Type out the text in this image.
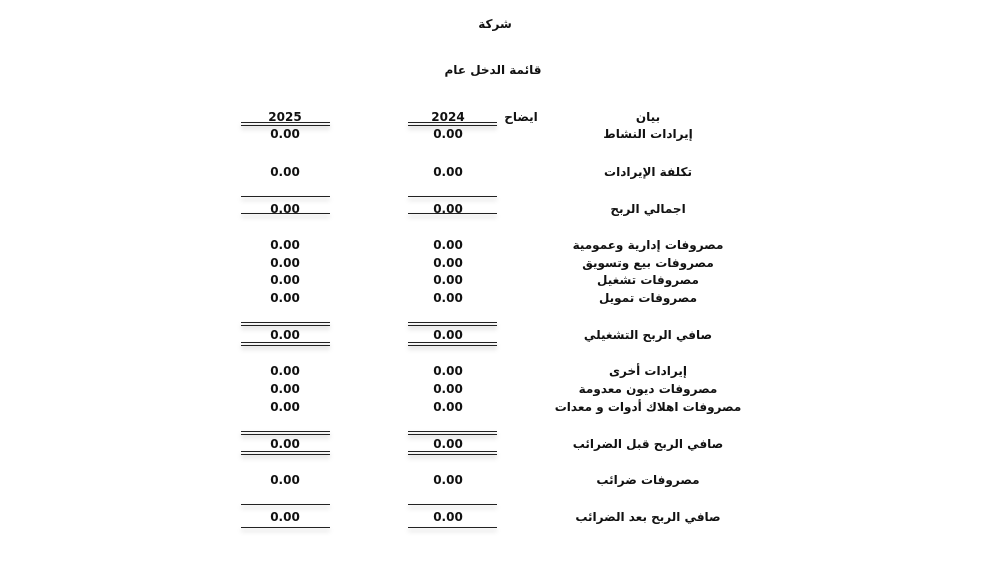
شركة
قائمة الدخل عام
بيان
ايضاح
2024
2025
إيرادات النشاط
0.00
0.00
تكلفة الإيرادات
0.00
0.00
اجمالي الربح
0.00
0.00
مصروفات إدارية وعمومية
0.00
0.00
مصروفات بيع وتسويق
0.00
0.00
مصروفات تشغيل
0.00
0.00
مصروفات تمويل
0.00
0.00
صافي الربح التشغيلي
0.00
0.00
إيرادات أخرى
0.00
0.00
مصروفات ديون معدومة
0.00
0.00
مصروفات اهلاك أدوات و معدات
0.00
0.00
صافي الربح قبل الضرائب
0.00
0.00
مصروفات ضرائب
0.00
0.00
صافي الربح بعد الضرائب
0.00
0.00
